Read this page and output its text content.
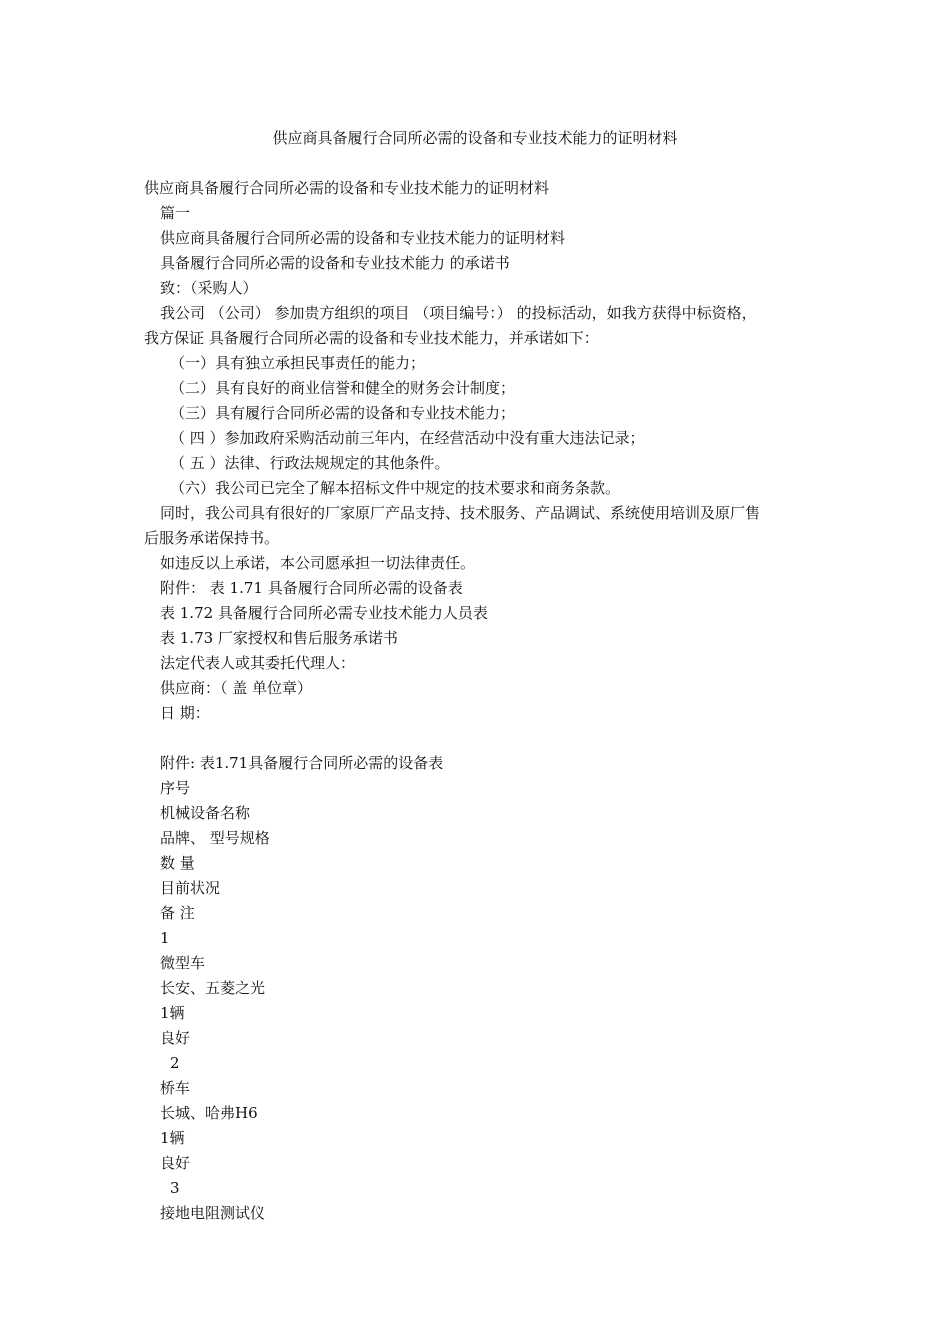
供应商具备履行合同所必需的设备和专业技术能力的证明材料
供应商具备履行合同所必需的设备和专业技术能力的证明材料
篇一
供应商具备履行合同所必需的设备和专业技术能力的证明材料
具备履行合同所必需的设备和专业技术能力 的承诺书
致：（采购人）
我公司 （公司） 参加贵方组织的项目 （项目编号：） 的投标活动，如我方获得中标资格，
我方保证 具备履行合同所必需的设备和专业技术能力，并承诺如下：
（一）具有独立承担民事责任的能力；
（二）具有良好的商业信誉和健全的财务会计制度；
（三）具有履行合同所必需的设备和专业技术能力；
（ 四 ）参加政府采购活动前三年内，在经营活动中没有重大违法记录；
（ 五 ）法律、行政法规规定的其他条件。
（六）我公司已完全了解本招标文件中规定的技术要求和商务条款。
同时，我公司具有很好的厂家原厂产品支持、技术服务、产品调试、系统使用培训及原厂售
后服务承诺保持书。
如违反以上承诺，本公司愿承担一切法律责任。
附件： 表 1.71 具备履行合同所必需的设备表
表 1.72 具备履行合同所必需专业技术能力人员表
表 1.73 厂家授权和售后服务承诺书
法定代表人或其委托代理人：
供应商：（ 盖 单位章）
日 期：
附件: 表1.71具备履行合同所必需的设备表
序号
机械设备名称
品牌、 型号规格
数 量
目前状况
备 注
1
微型车
长安、五菱之光
1辆
良好
2
桥车
长城、哈弗H6
1辆
良好
3
接地电阻测试仪
